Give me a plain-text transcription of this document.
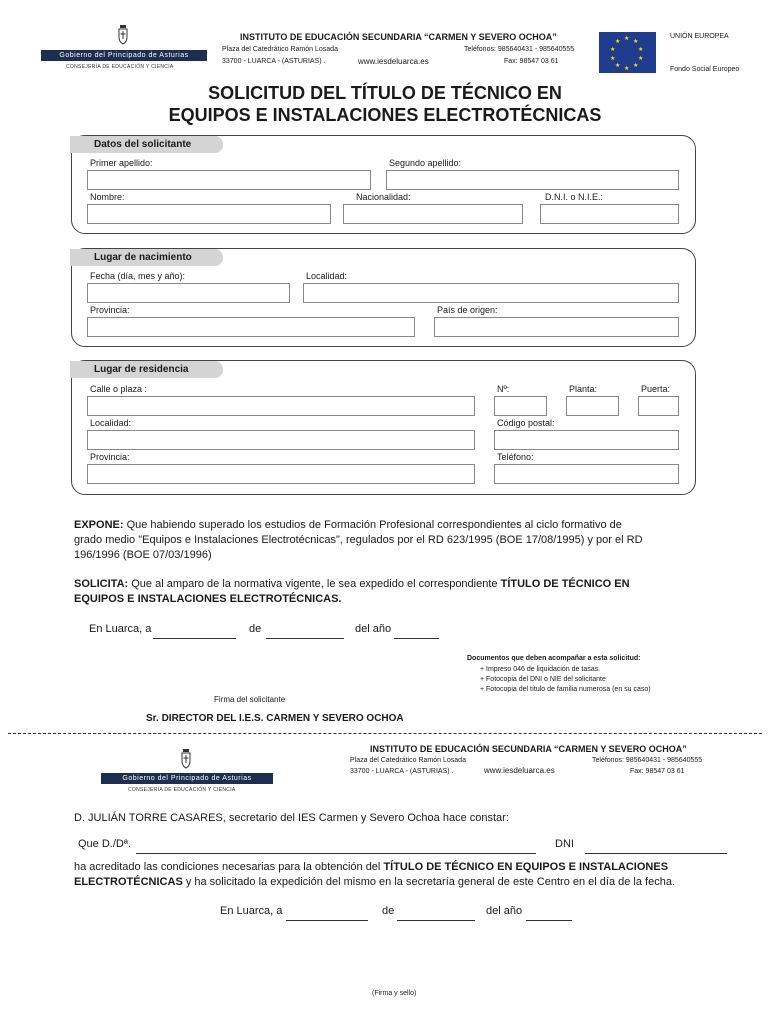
Gobierno del Principado de Asturias
CONSEJERÍA DE EDUCACIÓN Y CIENCIA
INSTITUTO DE EDUCACIÓN SECUNDARIA “CARMEN Y SEVERO OCHOA”
Plaza del Catedrático Ramón Losada
33700 - LUARCA - (ASTURIAS) .
Teléfonos: 985640431 - 985640555
www.iesdeluarca.es	Fax: 98547 03 61
★ ★
★
★
★
★
★
★
★
★
UNIÓN EUROPEA
Fondo Social Europeo
SOLICITUD DEL TÍTULO DE TÉCNICO EN
EQUIPOS E INSTALACIONES ELECTROTÉCNICAS
Datos del solicitante
Primer apellido:	Segundo apellido:
Nombre:	Nacionalidad:	D.N.I. o N.I.E.:
Lugar de nacimiento
Fecha (día, mes y año):	Localidad:
Provincia:	País de origen:
Lugar de residencia
Calle o plaza :	Nº:	Planta:	Puerta:
Localidad:	Código postal:
Provincia:	Teléfono:
EXPONE: Que habiendo superado los estudios de Formación Profesional correspondientes al ciclo formativo de
grado medio "Equipos e Instalaciones Electrotécnicas", regulados por el RD 623/1995 (BOE 17/08/1995) y por el RD
196/1996 (BOE 07/03/1996)
SOLICITA: Que al amparo de la normativa vigente, le sea expedido el correspondiente TÍTULO DE TÉCNICO EN
EQUIPOS E INSTALACIONES ELECTROTÉCNICAS.
En Luarca, a	de	del año
Documentos que deben acompañar a esta solicitud:
+ Impreso 046 de liquidación de tasas.
+ Fotocopia del DNI o NIE del solicitante
+ Fotocopia del título de familia numerosa (en su caso)
Firma del solicitante
Sr. DIRECTOR DEL I.E.S. CARMEN Y SEVERO OCHOA
Gobierno del Principado de Asturias
CONSEJERÍA DE EDUCACIÓN Y CIENCIA
INSTITUTO DE EDUCACIÓN SECUNDARIA “CARMEN Y SEVERO OCHOA”
Plaza del Catedrático Ramón Losada
33700 - LUARCA - (ASTURIAS) .
Teléfonos: 985640431 - 985640555
www.iesdeluarca.es	Fax: 98547 03 61
D. JULIÁN TORRE CASARES, secretario del IES Carmen y Severo Ochoa hace constar:
Que D./Dª.	DNI
ha acreditado las condiciones necesarias para la obtención del TÍTULO DE TÉCNICO EN EQUIPOS E INSTALACIONES
ELECTROTÉCNICAS y ha solicitado la expedición del mismo en la secretaría general de este Centro en el día de la fecha.
En Luarca, a	de	del año
(Firma y sello)
